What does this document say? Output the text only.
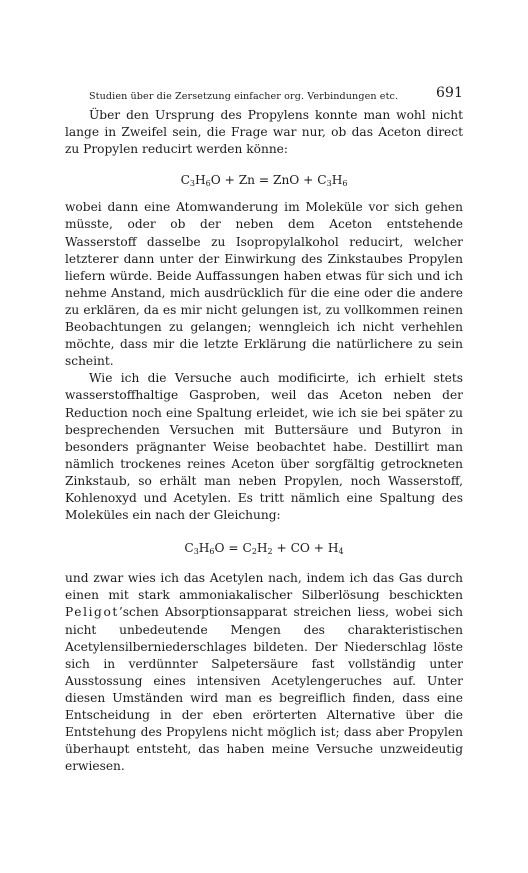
Studien über die Zersetzung einfacher org. Verbindungen etc.	691

Über den Ursprung des Propylens konnte man wohl nicht lange in Zweifel sein, die Frage war nur, ob das Aceton direct zu Propylen reducirt werden könne:

$C_3H_6O + Zn$ = ZnO + $C_3H_6$

wobei dann eine Atomwanderung im Moleküle vor sich gehen müsste, oder ob der neben dem Aceton entstehende Wasserstoff dasselbe zu Isopropylalkohol reducirt, welcher letzterer dann unter der Einwirkung des Zinkstaubes Propylen liefern würde. Beide Auffassungen haben etwas für sich und ich nehme Anstand, mich ausdrücklich für die eine oder die andere zu erklären, da es mir nicht gelungen ist, zu vollkommen reinen Beobachtungen zu gelangen; wenngleich ich nicht verhehlen möchte, dass mir die letzte Erklärung die natürlichere zu sein scheint.

Wie ich die Versuche auch modificirte, ich erhielt stets wasserstoffhaltige Gasproben, weil das Aceton neben der Reduction noch eine Spaltung erleidet, wie ich sie bei später zu besprechenden Versuchen mit Buttersäure und Butyron in besonders prägnanter Weise beobachtet habe. Destillirt man nämlich trockenes reines Aceton über sorgfältig getrockneten Zinkstaub, so erhält man neben Propylen, noch Wasserstoff, Kohlenoxyd und Acetylen. Es tritt nämlich eine Spaltung des Moleküles ein nach der Gleichung:

$C_3H_6O = C_2H_2$ + CO + $H_4$

und zwar wies ich das Acetylen nach, indem ich das Gas durch einen mit stark ammoniakalischer Silberlösung beschickten Peligot’schen Absorptionsapparat streichen liess, wobei sich nicht unbedeutende Mengen des charakteristischen Acetylensilberniederschlages bildeten. Der Niederschlag löste sich in verdünnter Salpetersäure fast vollständig unter Ausstossung eines intensiven Acetylengeruches auf. Unter diesen Umständen wird man es begreiflich finden, dass eine Entscheidung in der eben erörterten Alternative über die Entstehung des Propylens nicht möglich ist; dass aber Propylen überhaupt entsteht, das haben meine Versuche unzweideutig erwiesen.
